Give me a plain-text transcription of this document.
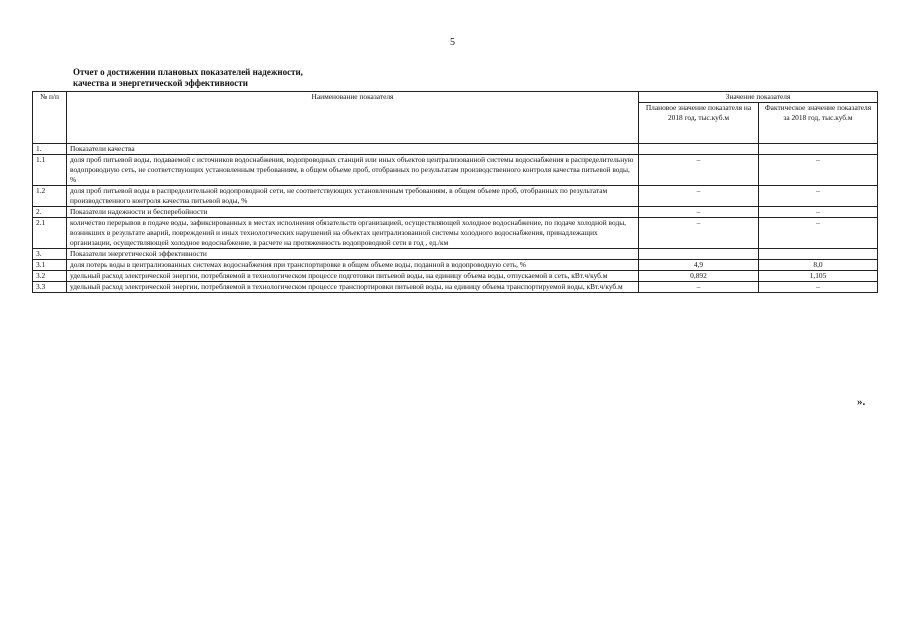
5
Отчет о достижении плановых показателей надежности,
качества и энергетической эффективности
№ п/п	Наименование показателя	Значение показателя	
		Плановое значение показателя на 2018 год, тыс.куб.м	Фактическое значение показателя за 2018 год, тыс.куб.м
1.	Показатели качества		
1.1	доля проб питьевой воды, подаваемой с источников водоснабжения, водопроводных станций или иных объектов централизованной системы водоснабжения в распределительную водопроводную сеть, не соответствующих установленным требованиям, в общем объеме проб, отобранных по результатам производственного контроля качества питьевой воды, %	–	–
1.2	доля проб питьевой воды в распределительной водопроводной сети, не соответствующих установленным требованиям, в общем объеме проб, отобранных по результатам производственного контроля качества питьевой воды, %	–	–
2.	Показатели надежности и бесперебойности	–	–
2.1	количество перерывов в подаче воды, зафиксированных в местах исполнения обязательств организацией, осуществляющей холодное водоснабжение, по подаче холодной воды, возникших в результате аварий, повреждений и иных технологических нарушений на объектах централизованной системы холодного водоснабжения, принадлежащих организации, осуществляющей холодное водоснабжение, в расчете на протяженность водопроводной сети в год , ед./км	–	–
3.	Показатели энергетической эффективности		
3.1	доля потерь воды в централизованных системах водоснабжения при транспортировке в общем объеме воды, поданной в водопроводную сеть, %	4,9	8,0
3.2	удельный расход электрической энергии, потребляемой в технологическом процессе подготовки питьевой воды, на единицу объема воды, отпускаемой в сеть, кВт.ч/куб.м	0,892	1,105
3.3	удельный расход электрической энергии, потребляемой в технологическом процессе транспортировки питьевой воды, на единицу объема транспортируемой воды, кВт.ч/куб.м	–	–
».
